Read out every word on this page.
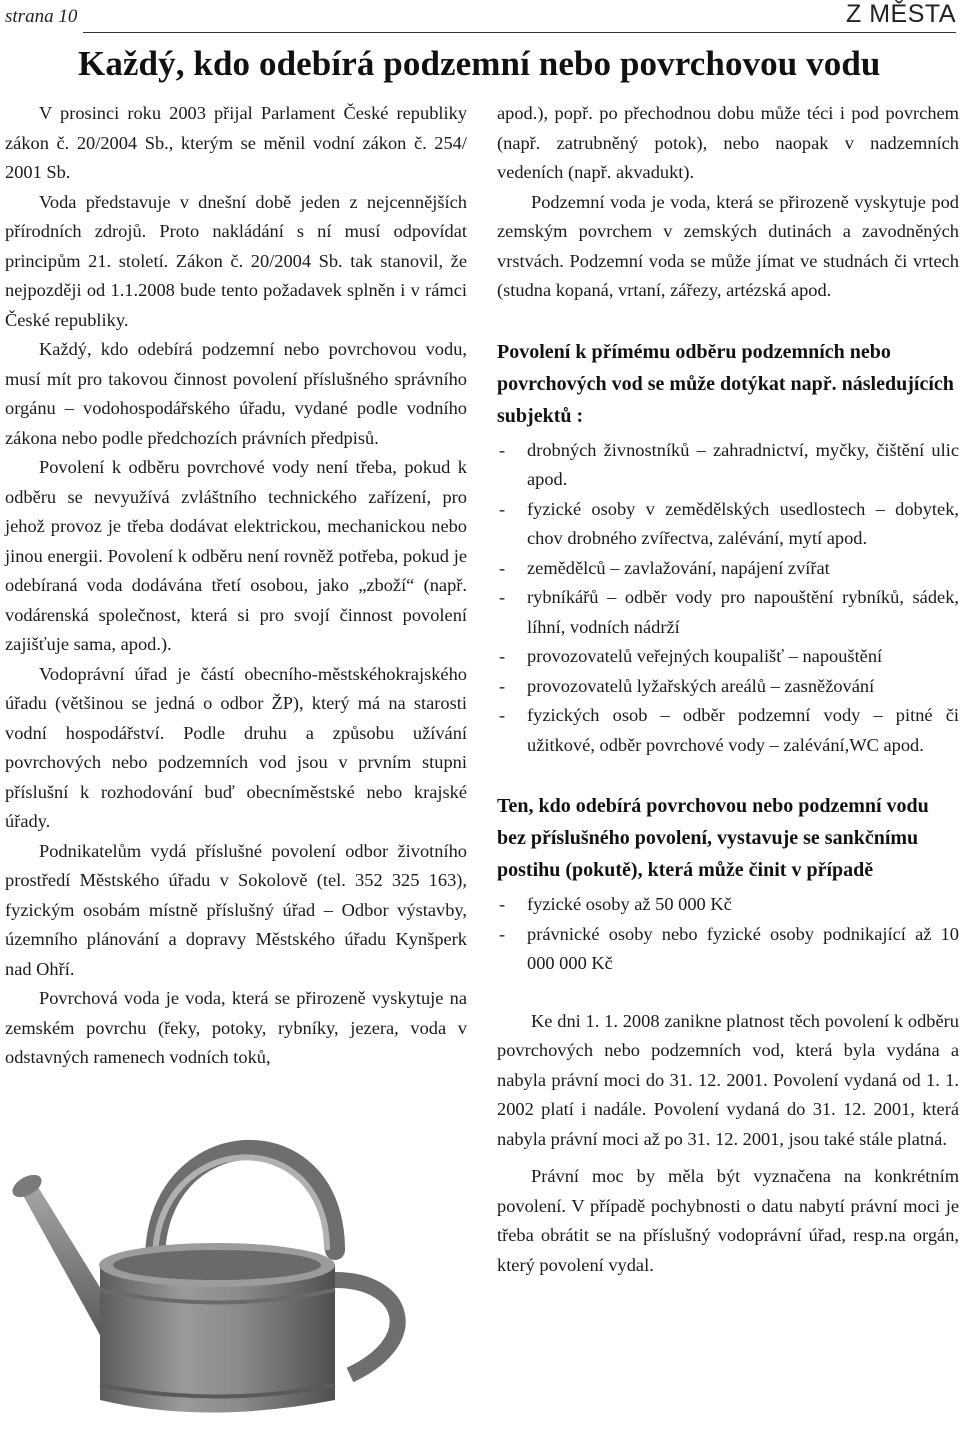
strana 10	Z MĚSTA
Každý, kdo odebírá podzemní nebo povrchovou vodu

V prosinci roku 2003 přijal Parlament České republiky zákon č. 20/2004 Sb., kterým se měnil vodní zákon č. 254/ 2001 Sb.

Voda představuje v dnešní době jeden z nejcennějších přírodních zdrojů. Proto nakládání s ní musí odpovídat principům 21. století. Zákon č. 20/2004 Sb. tak stanovil, že nejpozději od 1.1.2008 bude tento požadavek splněn i v rámci České republiky.

Každý, kdo odebírá podzemní nebo povrchovou vodu, musí mít pro takovou činnost povolení příslušného správního orgánu – vodohospodářského úřadu, vydané podle vodního zákona nebo podle předchozích právních předpisů.

Povolení k odběru povrchové vody není třeba, pokud k odběru se nevyužívá zvláštního technického zařízení, pro jehož provoz je třeba dodávat elektrickou, mechanickou nebo jinou energii. Povolení k odběru není rovněž potřeba, pokud je odebíraná voda dodávána třetí osobou, jako „zboží“ (např. vodárenská společnost, která si pro svojí činnost povolení zajišťuje sama, apod.).

Vodoprávní úřad je částí obecního-městskéhokrajského úřadu (většinou se jedná o odbor ŽP), který má na starosti vodní hospodářství. Podle druhu a způsobu užívání povrchových nebo podzemních vod jsou v prvním stupni příslušní k rozhodování buď obecníměstské nebo krajské úřady.

Podnikatelům vydá příslušné povolení odbor životního prostředí Městského úřadu v Sokolově (tel. 352 325 163), fyzickým osobám místně příslušný úřad – Odbor výstavby, územního plánování a dopravy Městského úřadu Kynšperk nad Ohří.

Povrchová voda je voda, která se přirozeně vyskytuje na zemském povrchu (řeky, potoky, rybníky, jezera, voda v odstavných ramenech vodních toků,

apod.), popř. po přechodnou dobu může téci i pod povrchem (např. zatrubněný potok), nebo naopak v nadzemních vedeních (např. akvadukt).

Podzemní voda je voda, která se přirozeně vyskytuje pod zemským povrchem v zemských dutinách a zavodněných vrstvách. Podzemní voda se může jímat ve studnách či vrtech (studna kopaná, vrtaní, zářezy, artézská apod.

Povolení k přímému odběru podzemních nebo povrchových vod se může dotýkat např. následujících subjektů :

- drobných živnostníků – zahradnictví, myčky, čištění ulic apod.
- fyzické osoby v zemědělských usedlostech – dobytek, chov drobného zvířectva, zalévání, mytí apod.
- zemědělců – zavlažování, napájení zvířat
- rybníkářů – odběr vody pro napouštění rybníků, sádek, líhní, vodních nádrží
- provozovatelů veřejných koupališť – napouštění
- provozovatelů lyžařských areálů – zasněžování
- fyzických osob – odběr podzemní vody – pitné či užitkové, odběr povrchové vody – zalévání,WC apod.

Ten, kdo odebírá povrchovou nebo podzemní vodu bez příslušného povolení, vystavuje se sankčnímu postihu (pokutě), která může činit v případě

- fyzické osoby až 50 000 Kč
- právnické osoby nebo fyzické osoby podnikající až 10 000 000 Kč

Ke dni 1. 1. 2008 zanikne platnost těch povolení k odběru povrchových nebo podzemních vod, která byla vydána a nabyla právní moci do 31. 12. 2001. Povolení vydaná od 1. 1. 2002 platí i nadále. Povolení vydaná do 31. 12. 2001, která nabyla právní moci až po 31. 12. 2001, jsou také stále platná.

Právní moc by měla být vyznačena na konkrétním povolení. V případě pochybnosti o datu nabytí právní moci je třeba obrátit se na příslušný vodoprávní úřad, resp.na orgán, který povolení vydal.
